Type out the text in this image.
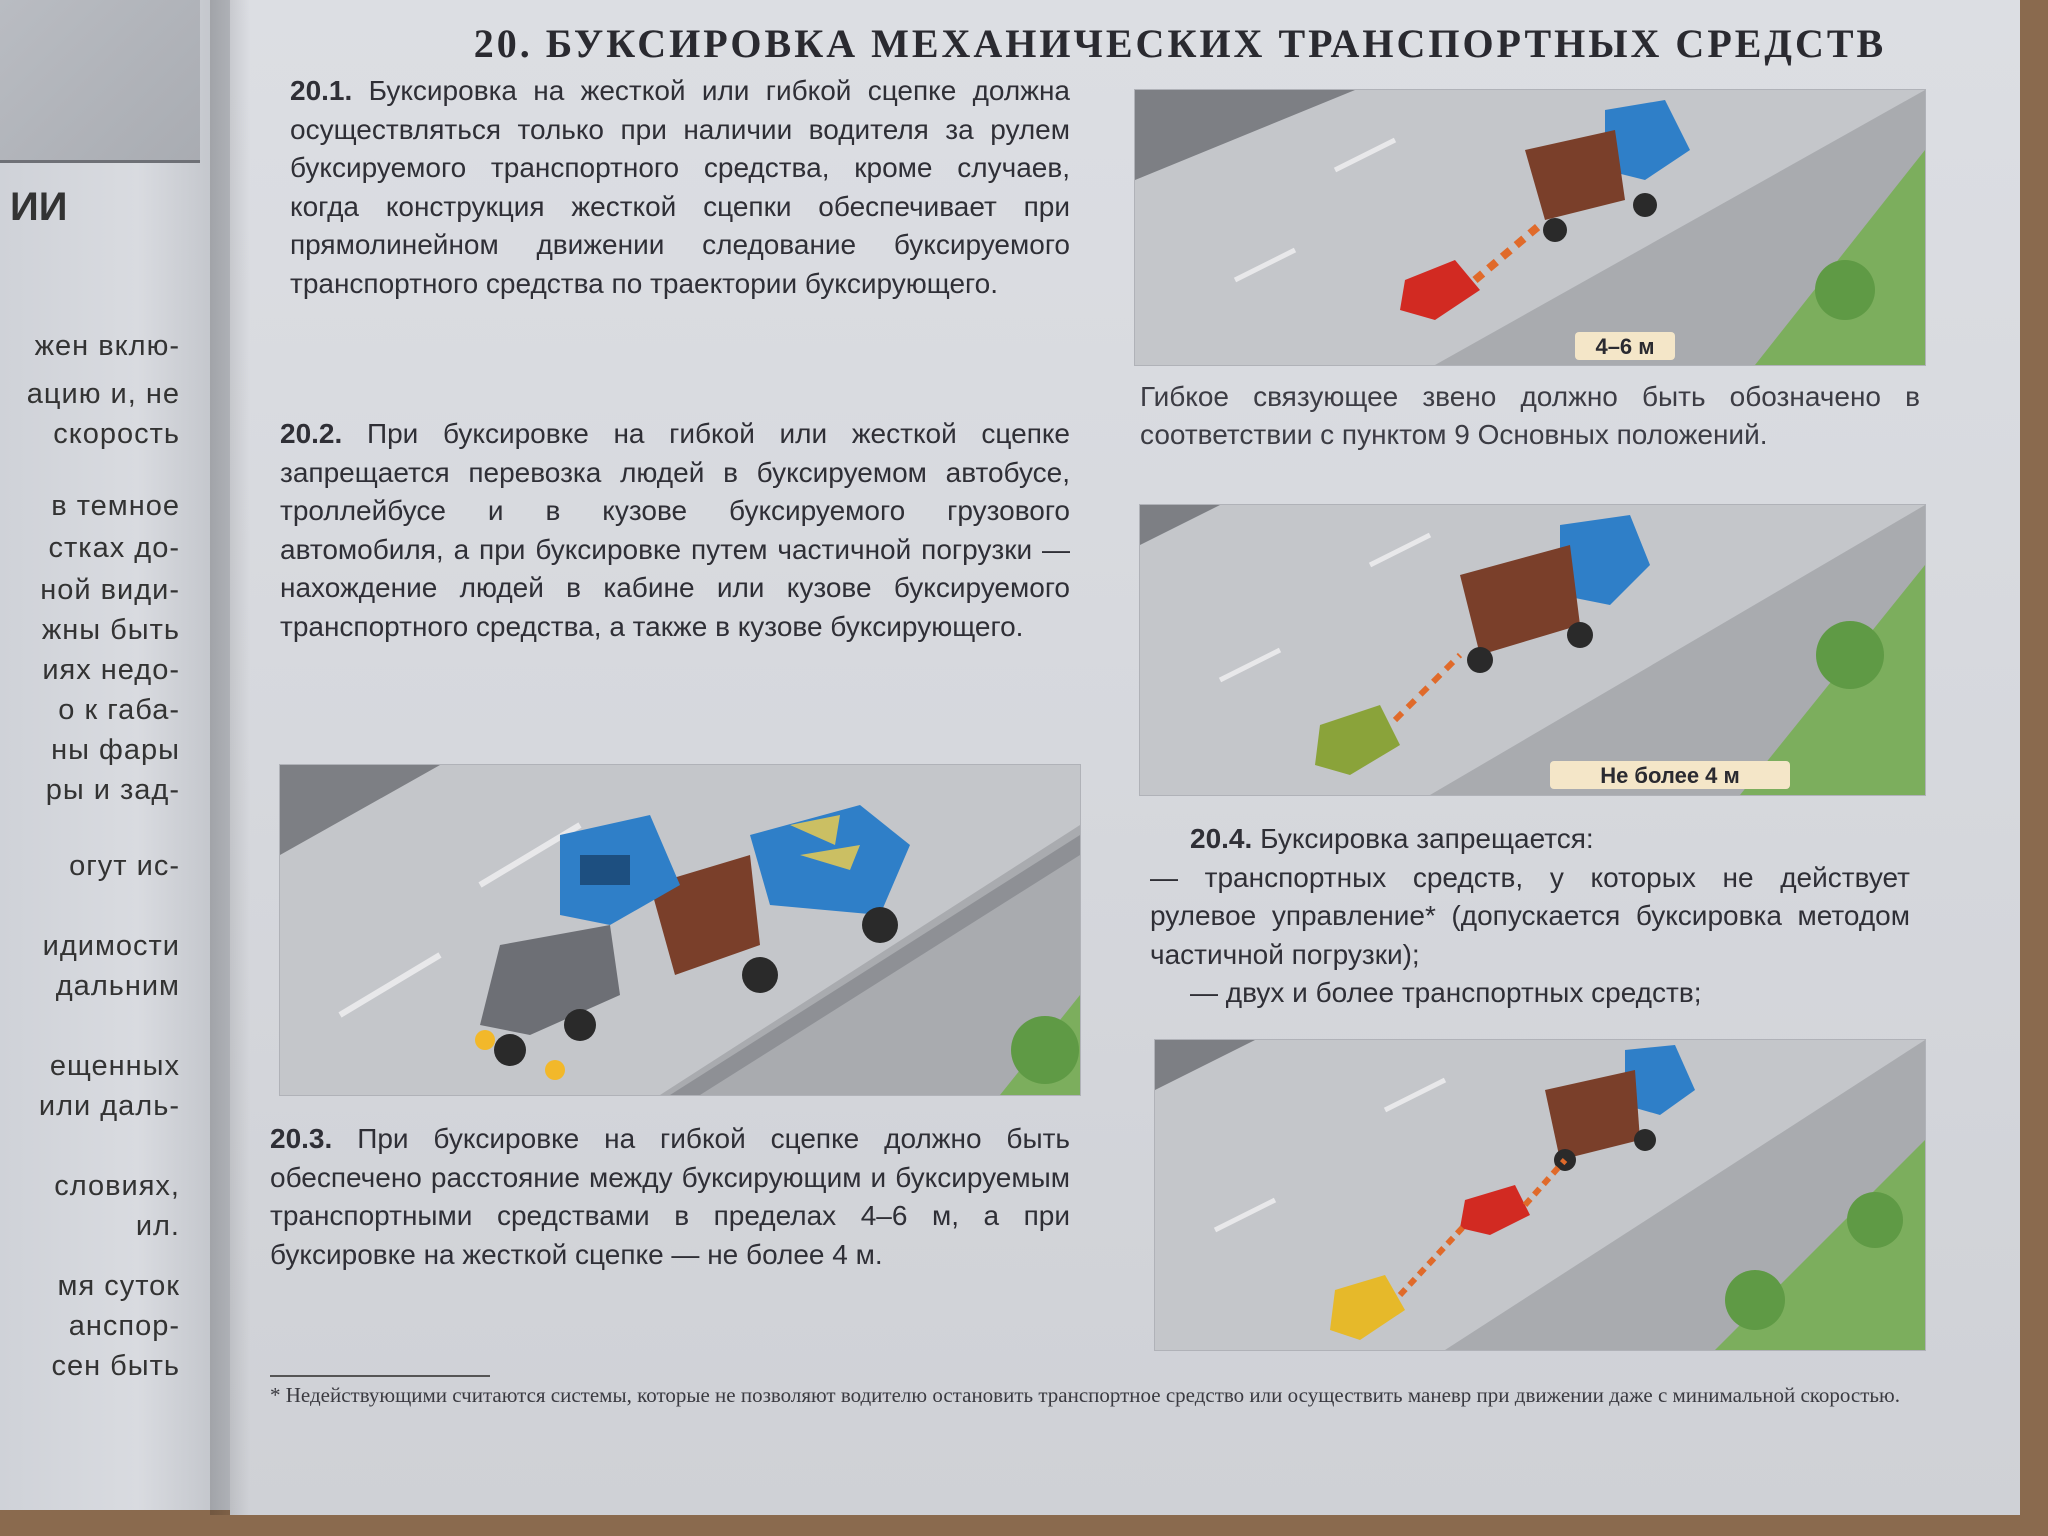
ИИ
жен вклю-
ацию и, не
скорость
в темное
стках до-
ной види-
жны быть
иях недо-
о к габа-
ны фары
ры и зад-
огут ис-
идимости
дальним
ещенных
или даль-
словиях,
ил.
мя суток
анспор-
сен быть
20. БУКСИРОВКА МЕХАНИЧЕСКИХ ТРАНСПОРТНЫХ СРЕДСТВ
20.1. Буксировка на жесткой или гибкой сцепке должна осуществляться только при наличии водителя за рулем буксируемого транспортного средства, кроме случаев, когда конструкция жесткой сцепки обеспечивает при прямолинейном движении следование буксируемого транспортного средства по траектории буксирующего.
20.2. При буксировке на гибкой или жесткой сцепке запрещается перевозка людей в буксируемом автобусе, троллейбусе и в кузове буксируемого грузового автомобиля, а при буксировке путем частичной погрузки — нахождение людей в кабине или кузове буксируемого транспортного средства, а также в кузове буксирующего.
20.3. При буксировке на гибкой сцепке должно быть обеспечено расстояние между буксирующим и буксируемым транспортными средствами в пределах 4–6 м, а при буксировке на жесткой сцепке — не более 4 м.
4–6 м
Гибкое связующее звено должно быть обозначено в соответствии с пунктом 9 Основных положений.
Не более 4 м
20.4. Буксировка запрещается:
— транспортных средств, у которых не действует рулевое управление* (допускается буксировка методом частичной погрузки);
— двух и более транспортных средств;
* Недействующими считаются системы, которые не позволяют водителю остановить транспортное средство или осуществить маневр при движении даже с минимальной скоростью.
